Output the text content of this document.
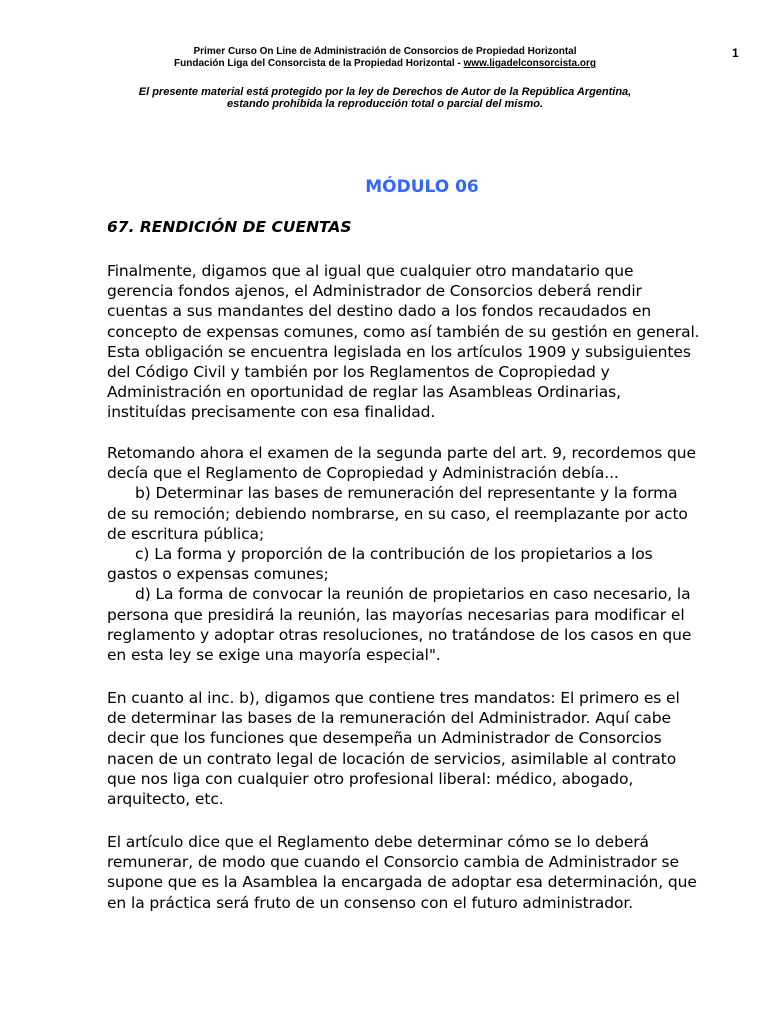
Primer Curso On Line de Administración de Consorcios de Propiedad Horizontal
Fundación Liga del Consorcista de la Propiedad Horizontal - www.ligadelconsorcista.org
1
El presente material está protegido por la ley de Derechos de Autor de la República Argentina,
estando prohibida la reproducción total o parcial del mismo.
MÓDULO 06
67. RENDICIÓN DE CUENTAS
Finalmente, digamos que al igual que cualquier otro mandatario que
gerencia fondos ajenos, el Administrador de Consorcios deberá rendir
cuentas a sus mandantes del destino dado a los fondos recaudados en
concepto de expensas comunes, como así también de su gestión en general.
Esta obligación se encuentra legislada en los artículos 1909 y subsiguientes
del Código Civil y también por los Reglamentos de Copropiedad y
Administración en oportunidad de reglar las Asambleas Ordinarias,
instituídas precisamente con esa finalidad.
Retomando ahora el examen de la segunda parte del art. 9, recordemos que
decía que el Reglamento de Copropiedad y Administración debía...
b) Determinar las bases de remuneración del representante y la forma
de su remoción; debiendo nombrarse, en su caso, el reemplazante por acto
de escritura pública;
c) La forma y proporción de la contribución de los propietarios a los
gastos o expensas comunes;
d) La forma de convocar la reunión de propietarios en caso necesario, la
persona que presidirá la reunión, las mayorías necesarias para modificar el
reglamento y adoptar otras resoluciones, no tratándose de los casos en que
en esta ley se exige una mayoría especial".
En cuanto al inc. b), digamos que contiene tres mandatos: El primero es el
de determinar las bases de la remuneración del Administrador. Aquí cabe
decir que los funciones que desempeña un Administrador de Consorcios
nacen de un contrato legal de locación de servicios, asimilable al contrato
que nos liga con cualquier otro profesional liberal: médico, abogado,
arquitecto, etc.
El artículo dice que el Reglamento debe determinar cómo se lo deberá
remunerar, de modo que cuando el Consorcio cambia de Administrador se
supone que es la Asamblea la encargada de adoptar esa determinación, que
en la práctica será fruto de un consenso con el futuro administrador.
